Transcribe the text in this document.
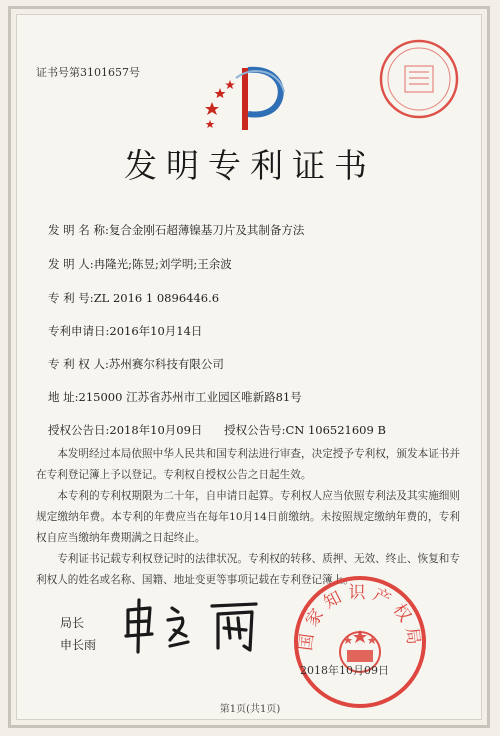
证书号第3101657号
发明专利证书
发 明 名 称:复合金刚石超薄镍基刀片及其制备方法
发 明 人:冉隆光;陈昱;刘学明;王余波
专 利 号:ZL 2016 1 0896446.6
专利申请日:2016年10月14日
专 利 权 人:苏州赛尔科技有限公司
地 址:215000 江苏省苏州市工业园区唯新路81号
授权公告日:2018年10月09日 授权公告号:CN 106521609 B

本发明经过本局依照中华人民共和国专利法进行审查，决定授予专利权，颁发本证书并在专利登记簿上予以登记。专利权自授权公告之日起生效。

本专利的专利权期限为二十年，自申请日起算。专利权人应当依照专利法及其实施细则规定缴纳年费。本专利的年费应当在每年10月14日前缴纳。未按照规定缴纳年费的，专利权自应当缴纳年费期满之日起终止。

专利证书记载专利权登记时的法律状况。专利权的转移、质押、无效、终止、恢复和专利权人的姓名或名称、国籍、地址变更等事项记载在专利登记簿上。

局长
申长雨	国家知识产权局
2018年10月09日
第1页(共1页)
